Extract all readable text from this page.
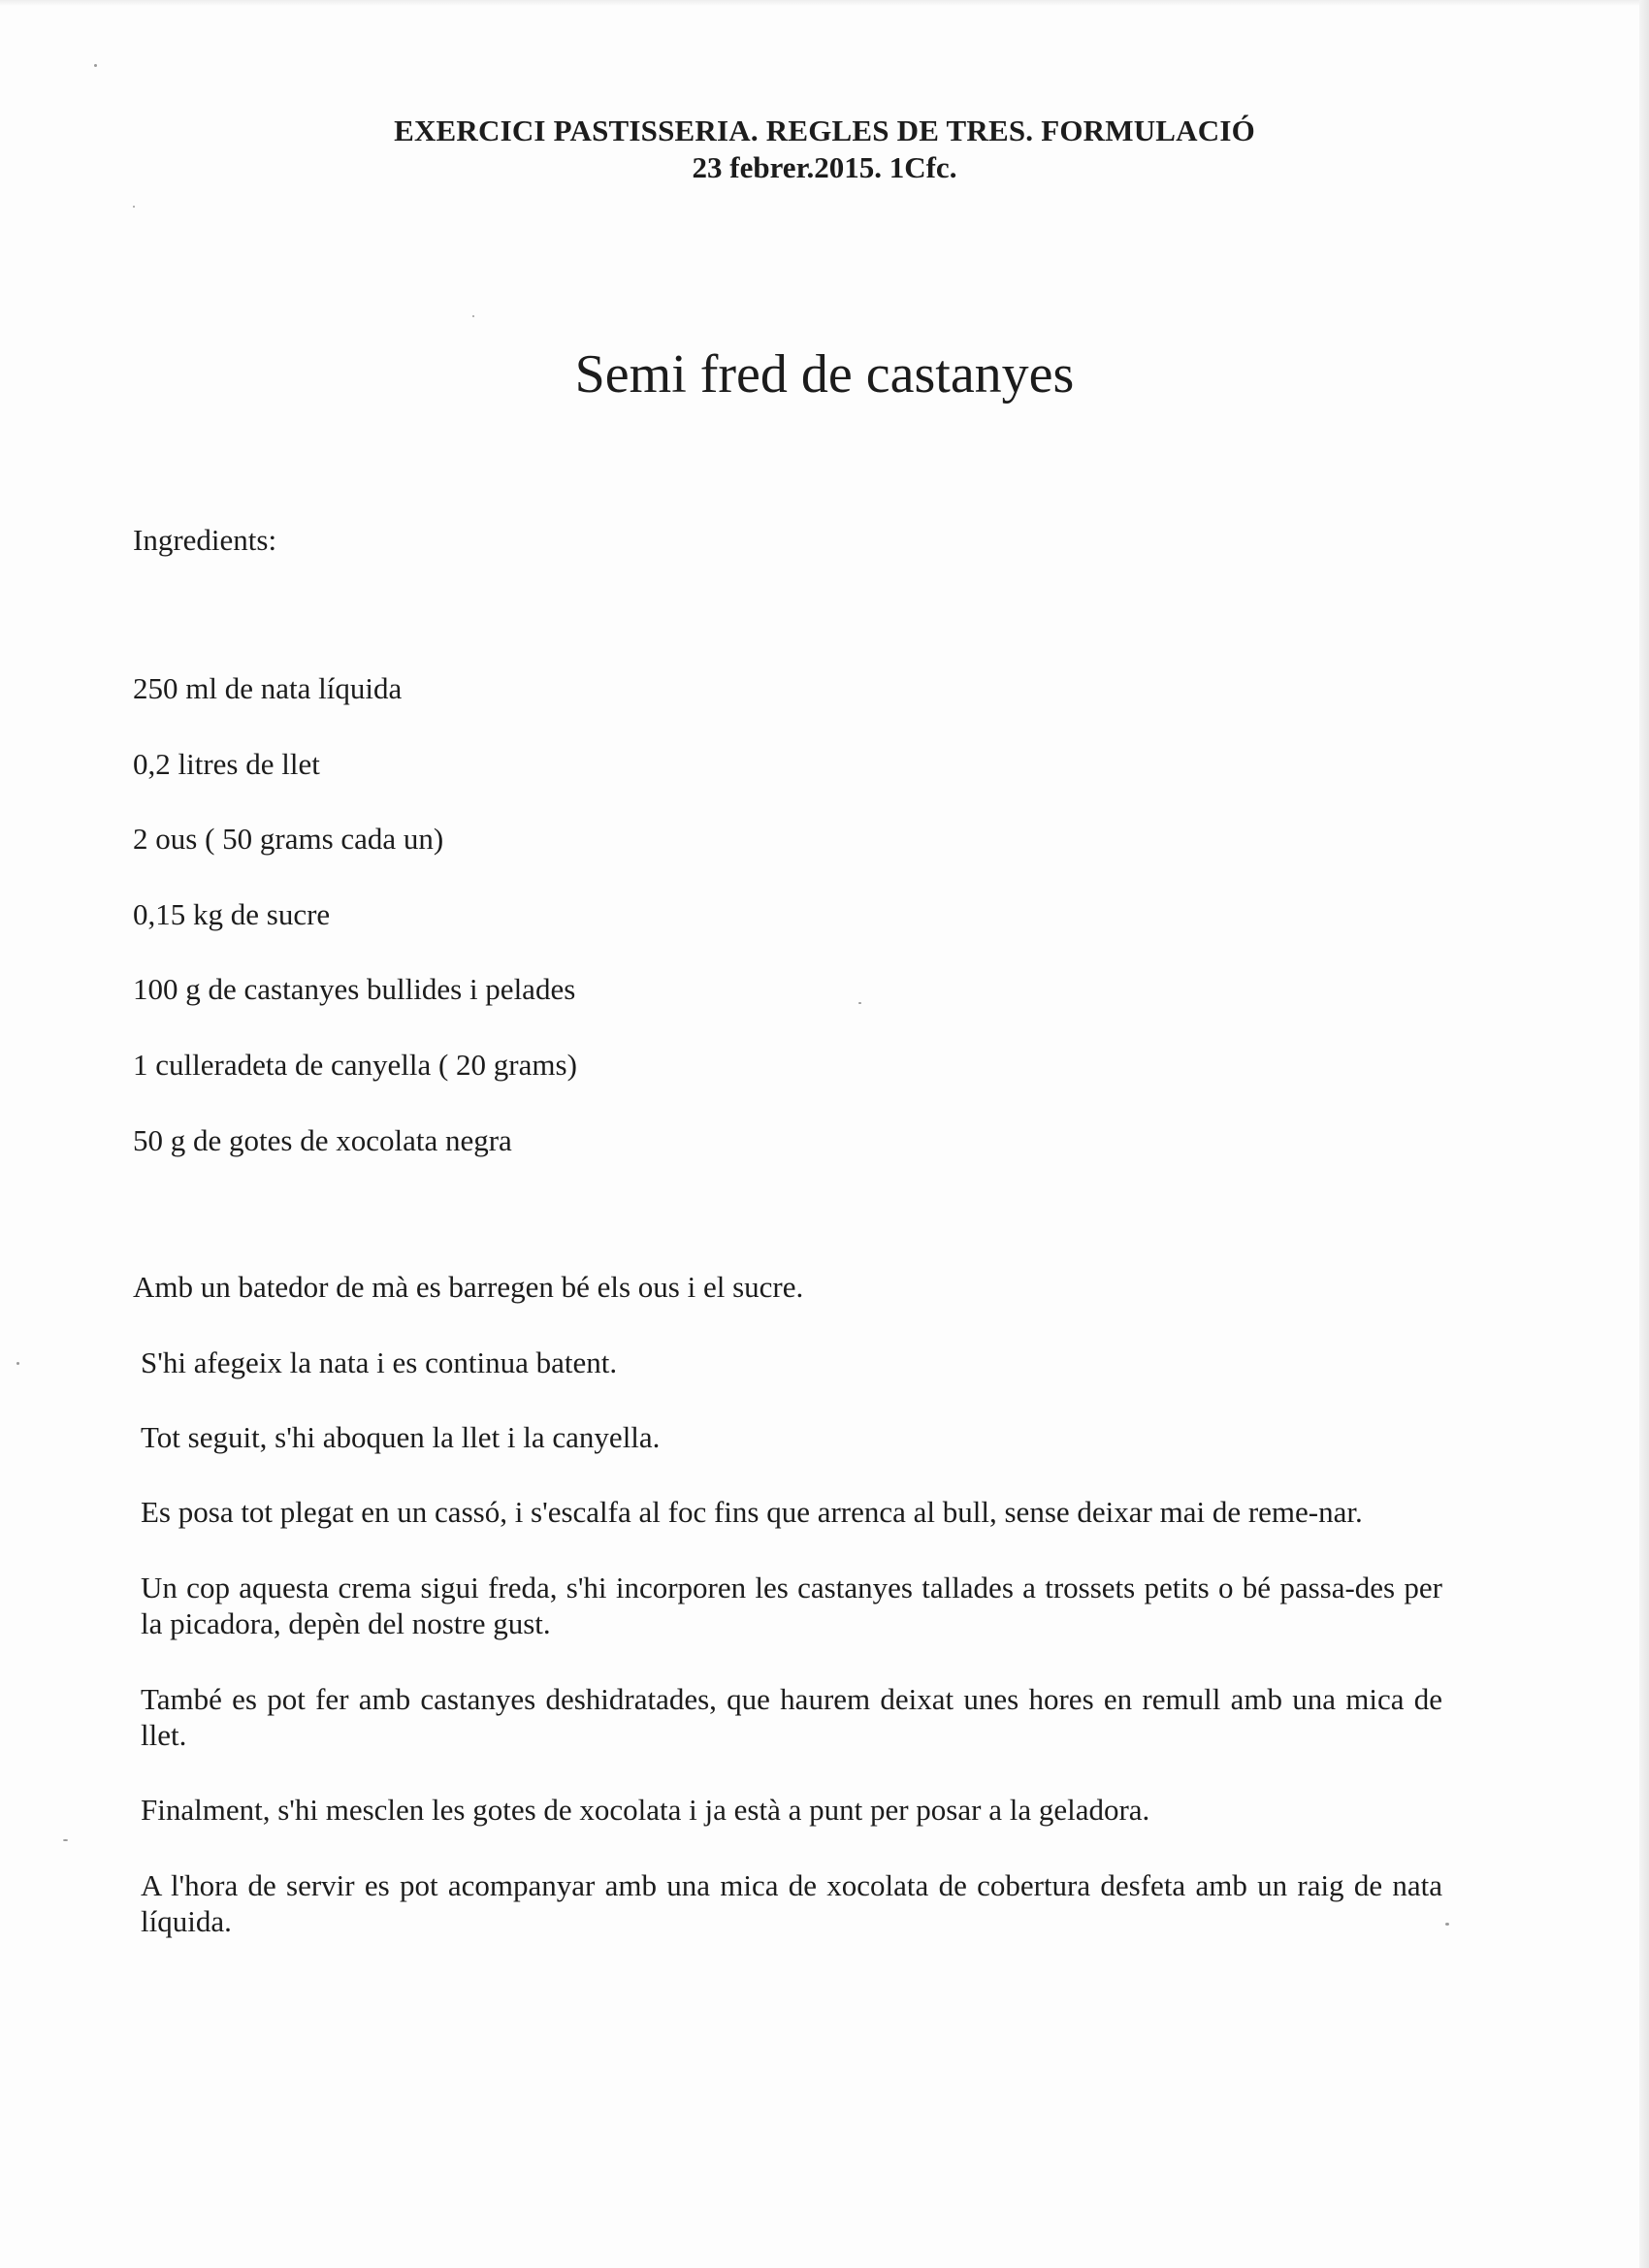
EXERCICI PASTISSERIA. REGLES DE TRES. FORMULACIÓ
23 febrer.2015. 1Cfc.
Semi fred de castanyes
Ingredients:
250 ml de nata líquida
0,2 litres de llet
2 ous ( 50 grams cada un)
0,15 kg de sucre
100 g de castanyes bullides i pelades
1 culleradeta de canyella ( 20 grams)
50 g de gotes de xocolata negra

Amb un batedor de mà es barregen bé els ous i el sucre.

S'hi afegeix la nata i es continua batent.

Tot seguit, s'hi aboquen la llet i la canyella.

Es posa tot plegat en un cassó, i s'escalfa al foc fins que arrenca al bull, sense deixar mai de reme-nar.

Un cop aquesta crema sigui freda, s'hi incorporen les castanyes tallades a trossets petits o bé passa-des per la picadora, depèn del nostre gust.

També es pot fer amb castanyes deshidratades, que haurem deixat unes hores en remull amb una mica de llet.

Finalment, s'hi mesclen les gotes de xocolata i ja està a punt per posar a la geladora.

A l'hora de servir es pot acompanyar amb una mica de xocolata de cobertura desfeta amb un raig de nata líquida.
